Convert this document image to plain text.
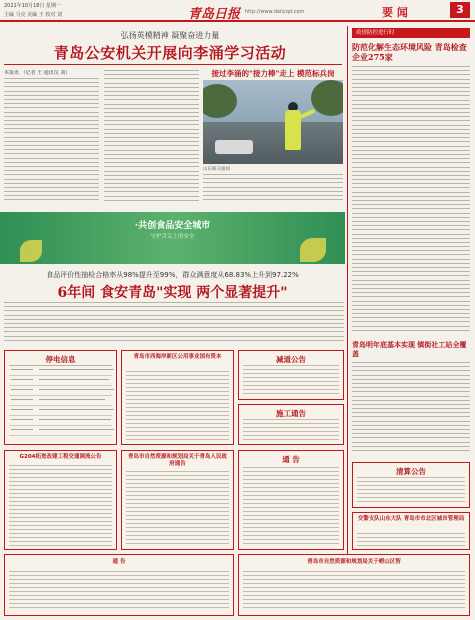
2021年10月18日 星期一
主编 马克 美编 王 校对 刘	青岛日报 http://www.dailyqd.com	要 闻	3
弘扬英模精神 凝聚奋进力量
青岛公安机关开展向李涌学习活动
本报讯 （记者 王 通讯员 刘）	接过李涌的"接力棒"走上 模范标兵岗
山东路交通岗
疫情防控进行时
防范化解生态环境风险 青岛检查企业275家
青岛明年底基本实现 镇街社工站全覆盖
·共创食品安全城市
守护舌尖上的安全
食品评价性抽检合格率从98%提升至99%，群众满意度从68.83%上升到97.22%
6年间 食安青岛"实现 两个显著提升"
停电信息	青岛市西海岸新区公用事业国有资本	减道公告
施工通告
清算公告
G204拓宽改建工程交通调流公告	青岛市自然资源和规划局关于青岛人民政府通告	通 告
交警支队山东大队 青岛市市北区城市管理局
通 告	青岛市自然资源和规划局关于崂山区智
